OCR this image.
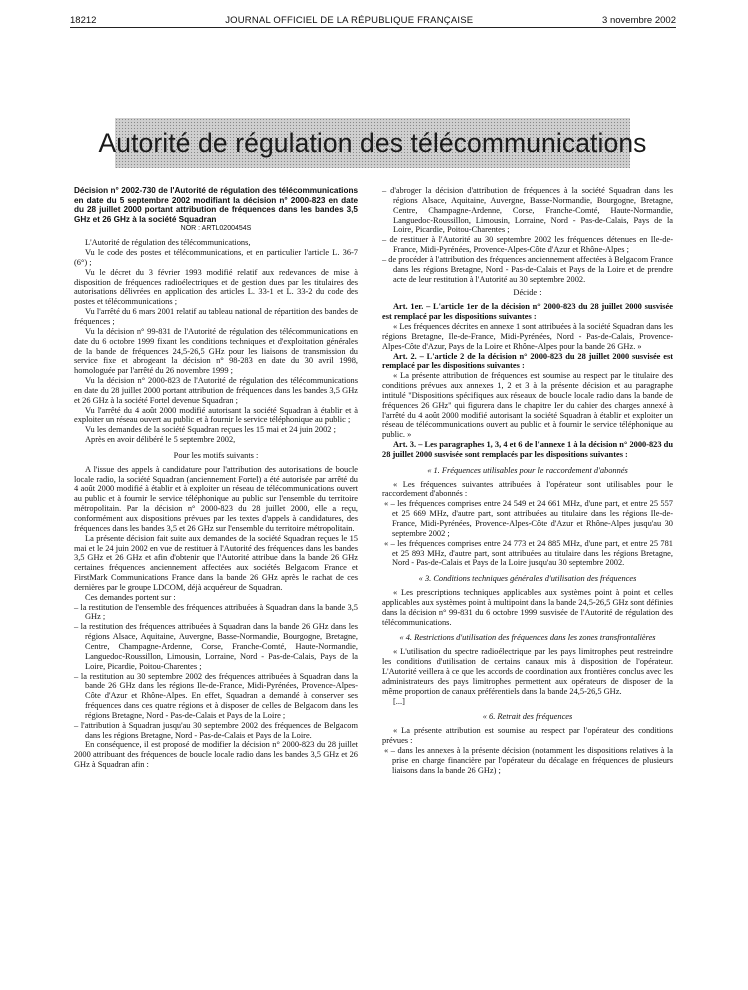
18212	JOURNAL OFFICIEL DE LA RÉPUBLIQUE FRANÇAISE	3 novembre 2002
Autorité de régulation des télécommunications

Décision n° 2002-730 de l'Autorité de régulation des télécommunications en date du 5 septembre 2002 modifiant la décision n° 2000-823 en date du 28 juillet 2000 portant attribution de fréquences dans les bandes 3,5 GHz et 26 GHz à la société Squadran

NOR : ARTL0200454S

L'Autorité de régulation des télécommunications,

Vu le code des postes et télécommunications, et en particulier l'article L. 36-7 (6°) ;

Vu le décret du 3 février 1993 modifié relatif aux redevances de mise à disposition de fréquences radioélectriques et de gestion dues par les titulaires des autorisations délivrées en application des articles L. 33-1 et L. 33-2 du code des postes et télécommunications ;

Vu l'arrêté du 6 mars 2001 relatif au tableau national de répartition des bandes de fréquences ;

Vu la décision n° 99-831 de l'Autorité de régulation des télécommunications en date du 6 octobre 1999 fixant les conditions techniques et d'exploitation générales de la bande de fréquences 24,5-26,5 GHz pour les liaisons de transmission du service fixe et abrogeant la décision n° 98-283 en date du 30 avril 1998, homologuée par l'arrêté du 26 novembre 1999 ;

Vu la décision n° 2000-823 de l'Autorité de régulation des télécommunications en date du 28 juillet 2000 portant attribution de fréquences dans les bandes 3,5 GHz et 26 GHz à la société Fortel devenue Squadran ;

Vu l'arrêté du 4 août 2000 modifié autorisant la société Squadran à établir et à exploiter un réseau ouvert au public et à fournir le service téléphonique au public ;

Vu les demandes de la société Squadran reçues les 15 mai et 24 juin 2002 ;

Après en avoir délibéré le 5 septembre 2002,

Pour les motifs suivants :

A l'issue des appels à candidature pour l'attribution des autorisations de boucle locale radio, la société Squadran (anciennement Fortel) a été autorisée par arrêté du 4 août 2000 modifié à établir et à exploiter un réseau de télécommunications ouvert au public et à fournir le service téléphonique au public sur l'ensemble du territoire métropolitain. Par la décision n° 2000-823 du 28 juillet 2000, elle a reçu, conformément aux dispositions prévues par les textes d'appels à candidatures, des fréquences dans les bandes 3,5 et 26 GHz sur l'ensemble du territoire métropolitain.

La présente décision fait suite aux demandes de la société Squadran reçues le 15 mai et le 24 juin 2002 en vue de restituer à l'Autorité des fréquences dans les bandes 3,5 GHz et 26 GHz et afin d'obtenir que l'Autorité attribue dans la bande 26 GHz certaines fréquences anciennement affectées aux sociétés Belgacom France et FirstMark Communications France dans la bande 26 GHz après le rachat de ces dernières par le groupe LDCOM, déjà acquéreur de Squadran.

Ces demandes portent sur :

– la restitution de l'ensemble des fréquences attribuées à Squadran dans la bande 3,5 GHz ;

– la restitution des fréquences attribuées à Squadran dans la bande 26 GHz dans les régions Alsace, Aquitaine, Auvergne, Basse-Normandie, Bourgogne, Bretagne, Centre, Champagne-Ardenne, Corse, Franche-Comté, Haute-Normandie, Languedoc-Roussillon, Limousin, Lorraine, Nord - Pas-de-Calais, Pays de la Loire, Picardie, Poitou-Charentes ;

– la restitution au 30 septembre 2002 des fréquences attribuées à Squadran dans la bande 26 GHz dans les régions Ile-de-France, Midi-Pyrénées, Provence-Alpes-Côte d'Azur et Rhône-Alpes. En effet, Squadran a demandé à conserver ses fréquences dans ces quatre régions et à disposer de celles de Belgacom dans les régions Bretagne, Nord - Pas-de-Calais et Pays de la Loire ;

– l'attribution à Squadran jusqu'au 30 septembre 2002 des fréquences de Belgacom dans les régions Bretagne, Nord - Pas-de-Calais et Pays de la Loire.

En conséquence, il est proposé de modifier la décision n° 2000-823 du 28 juillet 2000 attribuant des fréquences de boucle locale radio dans les bandes 3,5 GHz et 26 GHz à Squadran afin :

– d'abroger la décision d'attribution de fréquences à la société Squadran dans les régions Alsace, Aquitaine, Auvergne, Basse-Normandie, Bourgogne, Bretagne, Centre, Champagne-Ardenne, Corse, Franche-Comté, Haute-Normandie, Languedoc-Roussillon, Limousin, Lorraine, Nord - Pas-de-Calais, Pays de la Loire, Picardie, Poitou-Charentes ;

– de restituer à l'Autorité au 30 septembre 2002 les fréquences détenues en Ile-de-France, Midi-Pyrénées, Provence-Alpes-Côte d'Azur et Rhône-Alpes ;

– de procéder à l'attribution des fréquences anciennement affectées à Belgacom France dans les régions Bretagne, Nord - Pas-de-Calais et Pays de la Loire et de prendre acte de leur restitution à l'Autorité au 30 septembre 2002.

Décide :

Art. 1er. – L'article 1er de la décision n° 2000-823 du 28 juillet 2000 susvisée est remplacé par les dispositions suivantes :

« Les fréquences décrites en annexe 1 sont attribuées à la société Squadran dans les régions Bretagne, Ile-de-France, Midi-Pyrénées, Nord - Pas-de-Calais, Provence-Alpes-Côte d'Azur, Pays de la Loire et Rhône-Alpes pour la bande 26 GHz. »

Art. 2. – L'article 2 de la décision n° 2000-823 du 28 juillet 2000 susvisée est remplacé par les dispositions suivantes :

« La présente attribution de fréquences est soumise au respect par le titulaire des conditions prévues aux annexes 1, 2 et 3 à la présente décision et au paragraphe intitulé "Dispositions spécifiques aux réseaux de boucle locale radio dans la bande de fréquences 26 GHz" qui figurera dans le chapitre Ier du cahier des charges annexé à l'arrêté du 4 août 2000 modifié autorisant la société Squadran à établir et exploiter un réseau de télécommunications ouvert au public et à fournir le service téléphonique au public. »

Art. 3. – Les paragraphes 1, 3, 4 et 6 de l'annexe 1 à la décision n° 2000-823 du 28 juillet 2000 susvisée sont remplacés par les dispositions suivantes :

« 1. Fréquences utilisables pour le raccordement d'abonnés

« Les fréquences suivantes attribuées à l'opérateur sont utilisables pour le raccordement d'abonnés :

« – les fréquences comprises entre 24 549 et 24 661 MHz, d'une part, et entre 25 557 et 25 669 MHz, d'autre part, sont attribuées au titulaire dans les régions Ile-de-France, Midi-Pyrénées, Provence-Alpes-Côte d'Azur et Rhône-Alpes jusqu'au 30 septembre 2002 ;

« – les fréquences comprises entre 24 773 et 24 885 MHz, d'une part, et entre 25 781 et 25 893 MHz, d'autre part, sont attribuées au titulaire dans les régions Bretagne, Nord - Pas-de-Calais et Pays de la Loire jusqu'au 30 septembre 2002.

« 3. Conditions techniques générales d'utilisation des fréquences

« Les prescriptions techniques applicables aux systèmes point à point et celles applicables aux systèmes point à multipoint dans la bande 24,5-26,5 GHz sont définies dans la décision n° 99-831 du 6 octobre 1999 susvisée de l'Autorité de régulation des télécommunications.

« 4. Restrictions d'utilisation des fréquences dans les zones transfrontalières

« L'utilisation du spectre radioélectrique par les pays limitrophes peut restreindre les conditions d'utilisation de certains canaux mis à disposition de l'opérateur. L'Autorité veillera à ce que les accords de coordination aux frontières conclus avec les administrateurs des pays limitrophes permettent aux opérateurs de disposer de la même proportion de canaux préférentiels dans la bande 24,5-26,5 GHz.

[...]

« 6. Retrait des fréquences

« La présente attribution est soumise au respect par l'opérateur des conditions prévues :

« – dans les annexes à la présente décision (notamment les dispositions relatives à la prise en charge financière par l'opérateur du décalage en fréquences de plusieurs liaisons dans la bande 26 GHz) ;
